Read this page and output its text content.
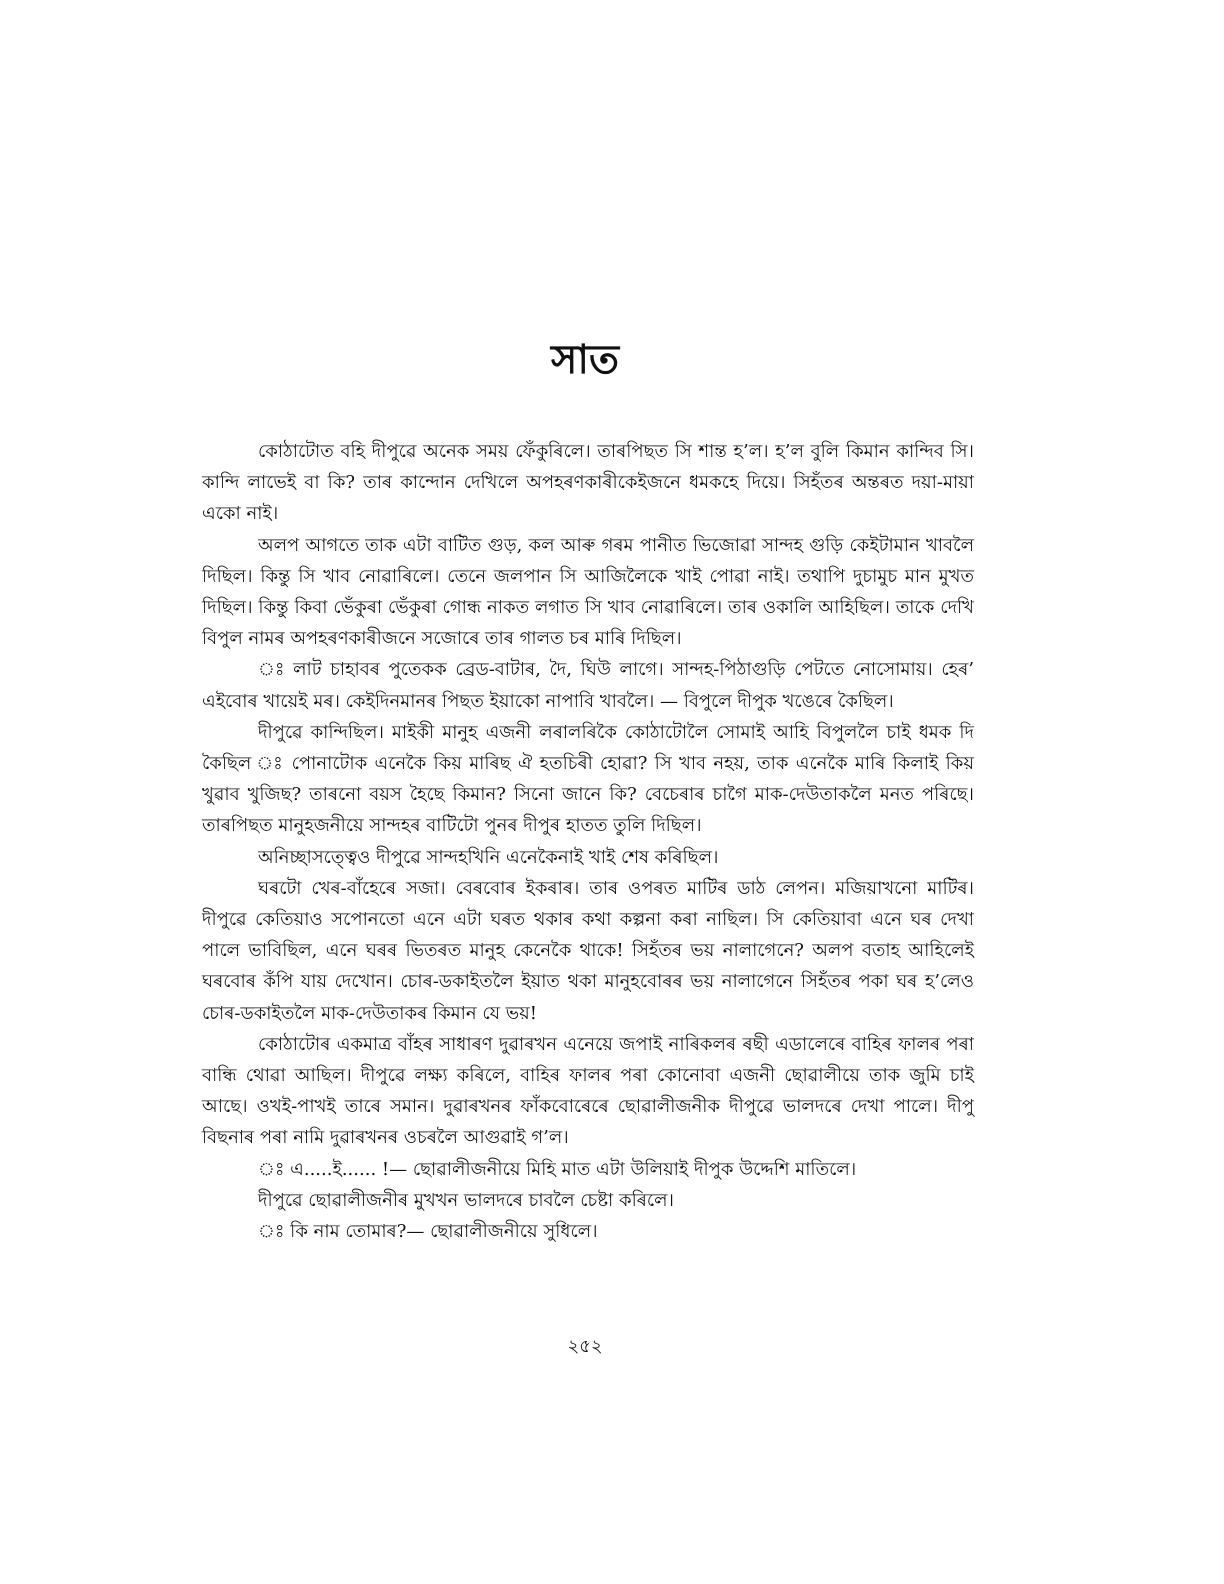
সাত

কোঠাটোত বহি দীপুৱে অনেক সময় ফেঁকুৰিলে। তাৰপিছত সি শান্ত হ’ল। হ’ল বুলি কিমান কান্দিব সি। কান্দি লাভেই বা কি? তাৰ কান্দোন দেখিলে অপহৰণকাৰীকেইজনে ধমকহে দিয়ে। সিহঁতৰ অন্তৰত দয়া-মায়া একো নাই।

অলপ আগতে তাক এটা বাটিত গুড়, কল আৰু গৰম পানীত ভিজোৱা সান্দহ গুড়ি কেইটামান খাবলৈ দিছিল। কিন্তু সি খাব নোৱাৰিলে। তেনে জলপান সি আজিলৈকে খাই পোৱা নাই। তথাপি দুচামুচ মান মুখত দিছিল। কিন্তু কিবা ভেঁকুৰা ভেঁকুৰা গোন্ধ নাকত লগাত সি খাব নোৱাৰিলে। তাৰ ওকালি আহিছিল। তাকে দেখি বিপুল নামৰ অপহৰণকাৰীজনে সজোৰে তাৰ গালত চৰ মাৰি দিছিল।

ঃ লাট চাহাবৰ পুতেকক ব্ৰেড-বাটাৰ, দৈ, ঘিউ লাগে। সান্দহ-পিঠাগুড়ি পেটতে নোসোমায়। হেৰ’ এইবোৰ খায়েই মৰ। কেইদিনমানৰ পিছত ইয়াকো নাপাবি খাবলৈ। — বিপুলে দীপুক খঙেৰে কৈছিল।

দীপুৱে কান্দিছিল। মাইকী মানুহ এজনী লৰালৰিকৈ কোঠাটোলৈ সোমাই আহি বিপুললৈ চাই ধমক দি কৈছিল ঃ পোনাটোক এনেকৈ কিয় মাৰিছ ঐ হতচিৰী হোৱা? সি খাব নহয়, তাক এনেকৈ মাৰি কিলাই কিয় খুৱাব খুজিছ? তাৰনো বয়স হৈছে কিমান? সিনো জানে কি? বেচেৰাৰ চাগৈ মাক-দেউতাকলৈ মনত পৰিছে। তাৰপিছত মানুহজনীয়ে সান্দহৰ বাটিটো পুনৰ দীপুৰ হাতত তুলি দিছিল।

অনিচ্ছাসত্ত্বেও দীপুৱে সান্দহখিনি এনেকৈনাই খাই শেষ কৰিছিল।

ঘৰটো খেৰ-বাঁহেৰে সজা। বেৰবোৰ ইকৰাৰ। তাৰ ওপৰত মাটিৰ ডাঠ লেপন। মজিয়াখনো মাটিৰ। দীপুৱে কেতিয়াও সপোনতো এনে এটা ঘৰত থকাৰ কথা কল্পনা কৰা নাছিল। সি কেতিয়াবা এনে ঘৰ দেখা পালে ভাবিছিল, এনে ঘৰৰ ভিতৰত মানুহ কেনেকৈ থাকে! সিহঁতৰ ভয় নালাগেনে? অলপ বতাহ আহিলেই ঘৰবোৰ কঁপি যায় দেখোন। চোৰ-ডকাইতলৈ ইয়াত থকা মানুহবোৰৰ ভয় নালাগেনে সিহঁতৰ পকা ঘৰ হ’লেও চোৰ-ডকাইতলৈ মাক-দেউতাকৰ কিমান যে ভয়!

কোঠাটোৰ একমাত্ৰ বাঁহৰ সাধাৰণ দুৱাৰখন এনেয়ে জপাই নাৰিকলৰ ৰছী এডালেৰে বাহিৰ ফালৰ পৰা বান্ধি থোৱা আছিল। দীপুৱে লক্ষ্য কৰিলে, বাহিৰ ফালৰ পৰা কোনোবা এজনী ছোৱালীয়ে তাক জুমি চাই আছে। ওখই-পাখই তাৰে সমান। দুৱাৰখনৰ ফাঁকবোৰেৰে ছোৱালীজনীক দীপুৱে ভালদৰে দেখা পালে। দীপু বিছনাৰ পৰা নামি দুৱাৰখনৰ ওচৰলৈ আগুৱাই গ’ল।

ঃ এ.....ই...... !— ছোৱালীজনীয়ে মিহি মাত এটা উলিয়াই দীপুক উদ্দেশি মাতিলে।

দীপুৱে ছোৱালীজনীৰ মুখখন ভালদৰে চাবলৈ চেষ্টা কৰিলে।

ঃ কি নাম তোমাৰ?— ছোৱালীজনীয়ে সুধিলে।

২৫২
